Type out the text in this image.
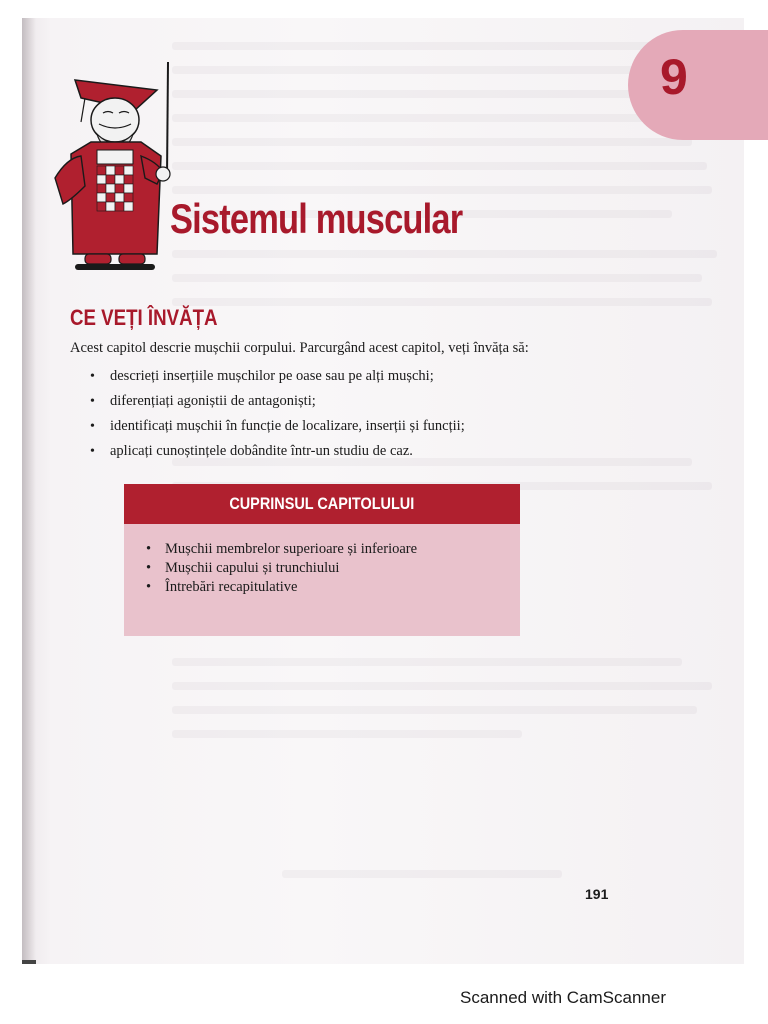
9
Sistemul muscular
CE VEȚI ÎNVĂȚA

Acest capitol descrie mușchii corpului. Parcurgând acest capitol, veți învăța să:

• descrieți inserțiile mușchilor pe oase sau pe alți mușchi;
• diferențiați agoniștii de antagoniști;
• identificați mușchii în funcție de localizare, inserții și funcții;
• aplicați cunoștințele dobândite într-un studiu de caz.
CUPRINSUL CAPITOLULUI
• Mușchii membrelor superioare și inferioare
• Mușchii capului și trunchiului
• Întrebări recapitulative
191
Scanned with CamScanner
